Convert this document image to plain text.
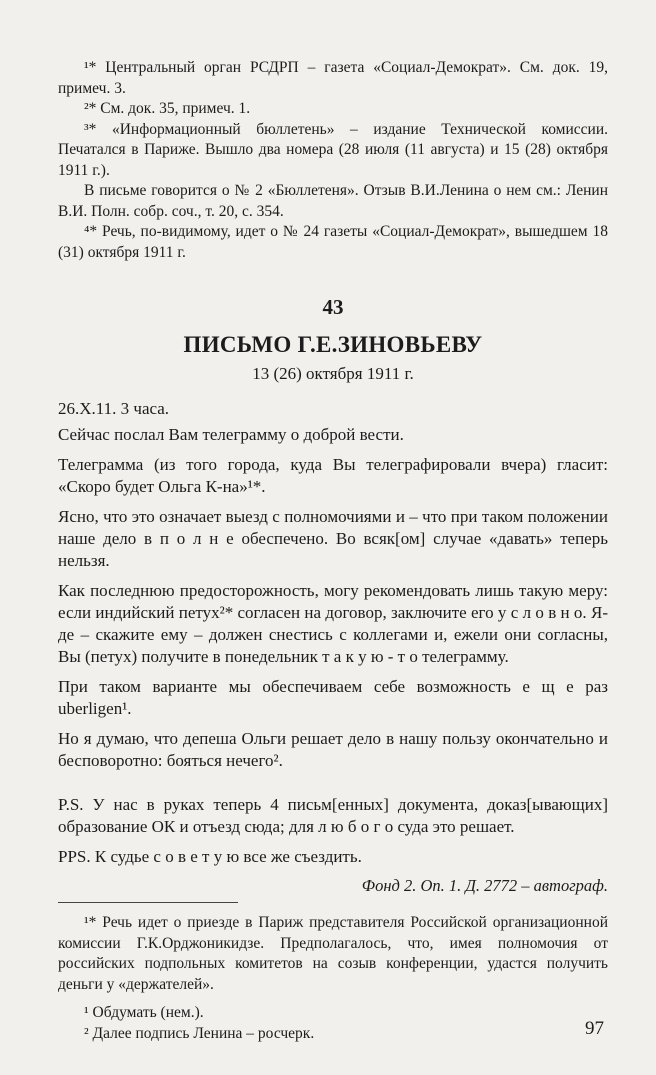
¹* Центральный орган РСДРП – газета «Социал-Демократ». См. док. 19, примеч. 3.

²* См. док. 35, примеч. 1.

³* «Информационный бюллетень» – издание Технической комиссии. Печатался в Париже. Вышло два номера (28 июля (11 августа) и 15 (28) октября 1911 г.).

В письме говорится о № 2 «Бюллетеня». Отзыв В.И.Ленина о нем см.: Ленин В.И. Полн. собр. соч., т. 20, с. 354.

⁴* Речь, по-видимому, идет о № 24 газеты «Социал-Демократ», вышедшем 18 (31) октября 1911 г.

43
ПИСЬМО Г.Е.ЗИНОВЬЕВУ
13 (26) октября 1911 г.

26.X.11. 3 часа.

Сейчас послал Вам телеграмму о доброй вести.

Телеграмма (из того города, куда Вы телеграфировали вчера) гласит: «Скоро будет Ольга К-на»¹*.

Ясно, что это означает выезд с полномочиями и – что при таком положении наше дело в п о л н е обеспечено. Во всяк[ом] случае «давать» теперь нельзя.

Как последнюю предосторожность, могу рекомендовать лишь такую меру: если индийский петух²* согласен на договор, заключите его у с л о в н о. Я-де – скажите ему – должен снестись с коллегами и, ежели они согласны, Вы (петух) получите в понедельник т а к у ю - т о телеграмму.

При таком варианте мы обеспечиваем себе возможность е щ е раз uberligen¹.

Но я думаю, что депеша Ольги решает дело в нашу пользу окончательно и бесповоротно: бояться нечего².

P.S. У нас в руках теперь 4 письм[енных] документа, доказ[ывающих] образование ОК и отъезд сюда; для л ю б о г о суда это решает.

PPS. К судье с о в е т у ю все же съездить.

Фонд 2. Оп. 1. Д. 2772 – автограф.

¹* Речь идет о приезде в Париж представителя Российской организационной комиссии Г.К.Орджоникидзе. Предполагалось, что, имея полномочия от российских подпольных комитетов на созыв конференции, удастся получить деньги у «держателей».

¹ Обдумать (нем.).

² Далее подпись Ленина – росчерк.	97
